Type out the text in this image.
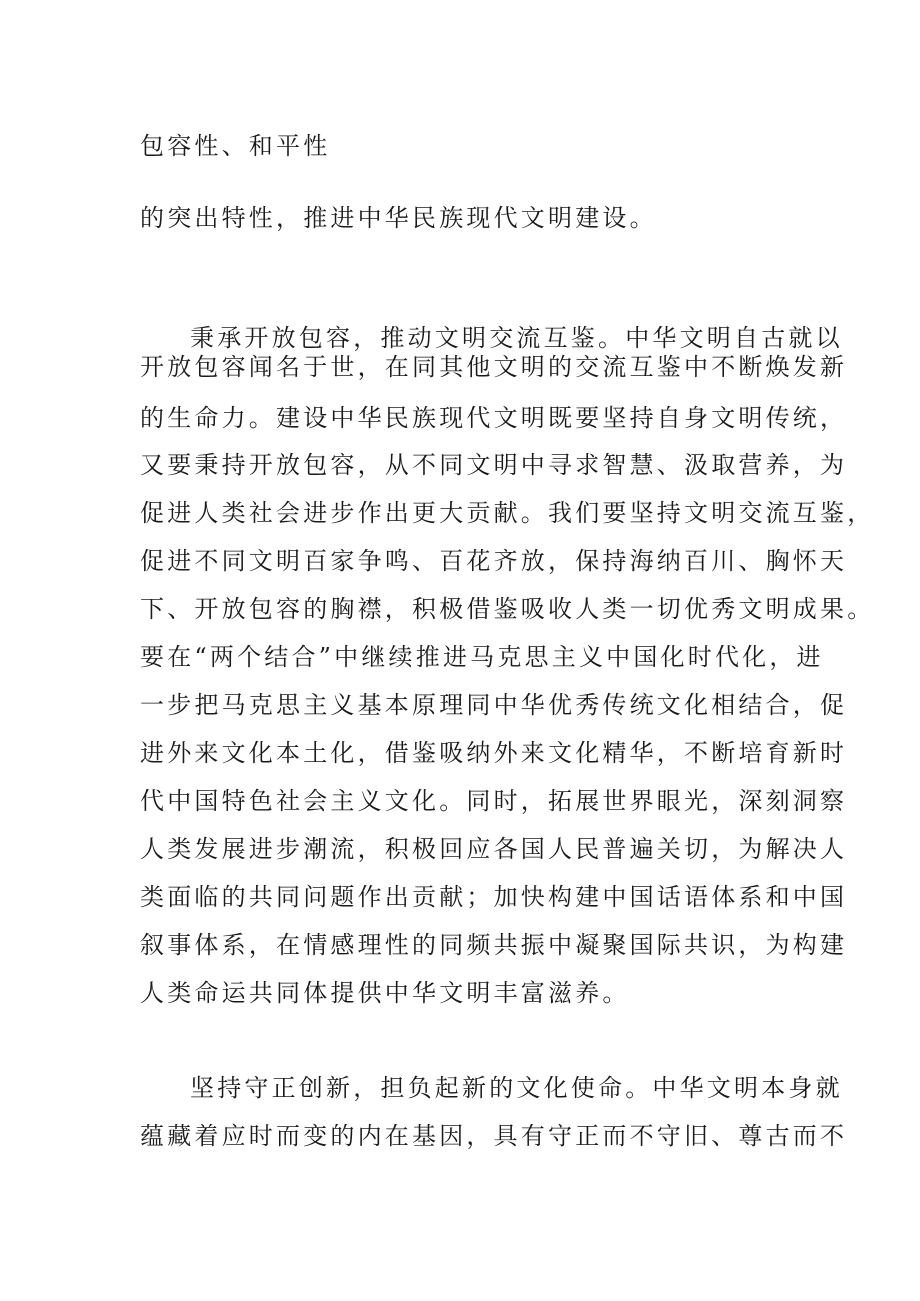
包容性、和平性
的突出特性，推进中华民族现代文明建设。
秉承开放包容，推动文明交流互鉴。中华文明自古就以
开放包容闻名于世，在同其他文明的交流互鉴中不断焕发新
的生命力。建设中华民族现代文明既要坚持自身文明传统，
又要秉持开放包容，从不同文明中寻求智慧、汲取营养，为
促进人类社会进步作出更大贡献。我们要坚持文明交流互鉴，
促进不同文明百家争鸣、百花齐放，保持海纳百川、胸怀天
下、开放包容的胸襟，积极借鉴吸收人类一切优秀文明成果。
要在“两个结合”中继续推进马克思主义中国化时代化，进
一步把马克思主义基本原理同中华优秀传统文化相结合，促
进外来文化本土化，借鉴吸纳外来文化精华，不断培育新时
代中国特色社会主义文化。同时，拓展世界眼光，深刻洞察
人类发展进步潮流，积极回应各国人民普遍关切，为解决人
类面临的共同问题作出贡献；加快构建中国话语体系和中国
叙事体系，在情感理性的同频共振中凝聚国际共识，为构建
人类命运共同体提供中华文明丰富滋养。
坚持守正创新，担负起新的文化使命。中华文明本身就
蕴藏着应时而变的内在基因，具有守正而不守旧、尊古而不
